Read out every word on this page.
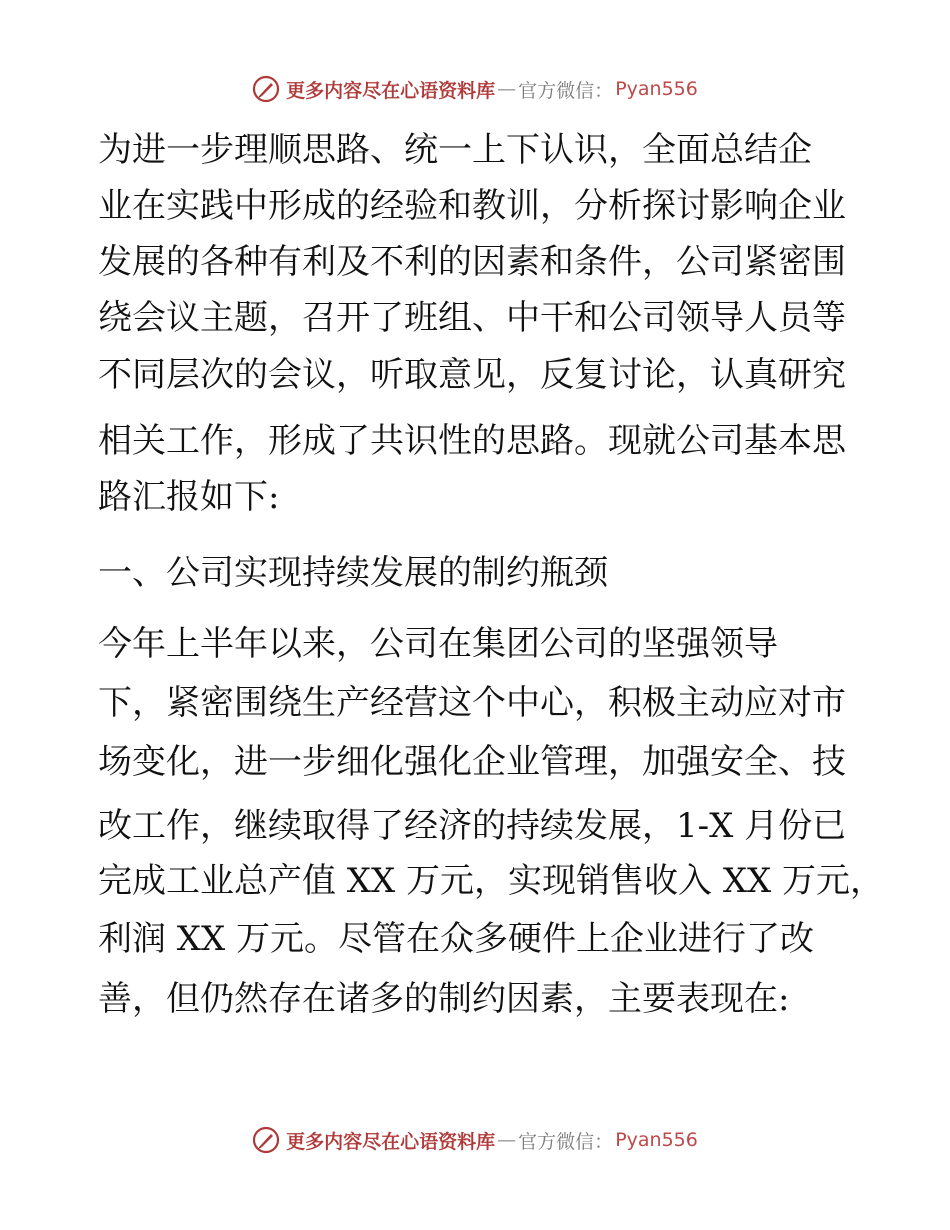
更多内容尽在心语资料库 — 官方微信： Pyan556
为进一步理顺思路、统一上下认识，全面总结企
业在实践中形成的经验和教训，分析探讨影响企业
发展的各种有利及不利的因素和条件，公司紧密围
绕会议主题，召开了班组、中干和公司领导人员等
不同层次的会议，听取意见，反复讨论，认真研究
相关工作，形成了共识性的思路。现就公司基本思
路汇报如下:
一、公司实现持续发展的制约瓶颈
今年上半年以来，公司在集团公司的坚强领导
下，紧密围绕生产经营这个中心，积极主动应对市
场变化，进一步细化强化企业管理，加强安全、技
改工作，继续取得了经济的持续发展，1-X 月份已
完成工业总产值 XX 万元，实现销售收入 XX 万元，
利润 XX 万元。尽管在众多硬件上企业进行了改
善，但仍然存在诸多的制约因素，主要表现在:
更多内容尽在心语资料库 — 官方微信： Pyan556
